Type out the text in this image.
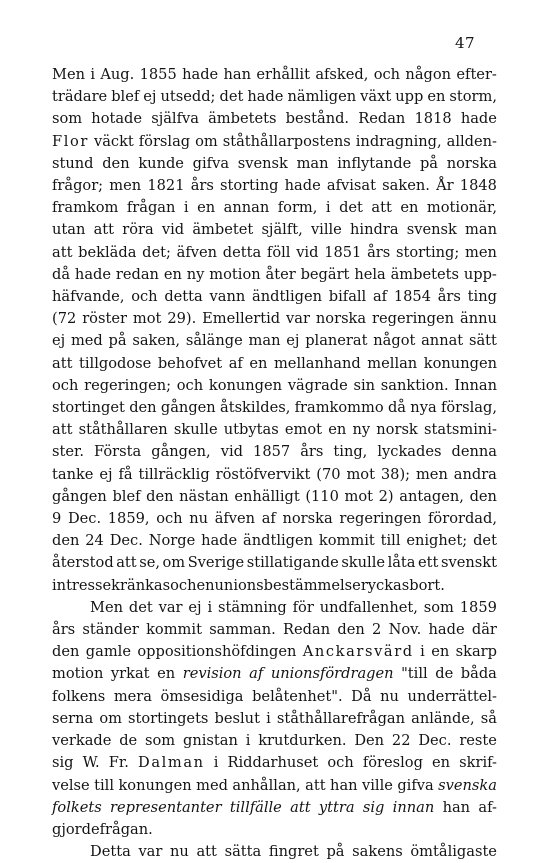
47
Men i Aug. 1855 hade han erhållit afsked, och någon efter-
trädare blef ej utsedd; det hade nämligen växt upp en storm,
som hotade själfva ämbetets bestånd. Redan 1818 hade
Flor väckt förslag om ståthållarpostens indragning, allden-
stund den kunde gifva svensk man inflytande på norska
frågor; men 1821 års storting hade afvisat saken. År 1848
framkom frågan i en annan form, i det att en motionär,
utan att röra vid ämbetet själft, ville hindra svensk man
att bekläda det; äfven detta föll vid 1851 års storting; men
då hade redan en ny motion åter begärt hela ämbetets upp-
häfvande, och detta vann ändtligen bifall af 1854 års ting
(72 röster mot 29). Emellertid var norska regeringen ännu
ej med på saken, sålänge man ej planerat något annat sätt
att tillgodose behofvet af en mellanhand mellan konungen
och regeringen; och konungen vägrade sin sanktion. Innan
stortinget den gången åtskildes, framkommo då nya förslag,
att ståthållaren skulle utbytas emot en ny norsk statsmini-
ster. Första gången, vid 1857 års ting, lyckades denna
tanke ej få tillräcklig röstöfvervikt (70 mot 38); men andra
gången blef den nästan enhälligt (110 mot 2) antagen, den
9 Dec. 1859, och nu äfven af norska regeringen förordad,
den 24 Dec. Norge hade ändtligen kommit till enighet; det
återstod att se, om Sverige stillatigande skulle låta ett svenskt
intresse kränkas och en unionsbestämmelse ryckas bort.
Men det var ej i stämning för undfallenhet, som 1859
års ständer kommit samman. Redan den 2 Nov. hade där
den gamle oppositionshöfdingen Anckarsvärd i en skarp
motion yrkat en revision af unionsfördragen "till de båda
folkens mera ömsesidiga belåtenhet". Då nu underrättel-
serna om stortingets beslut i ståthållarefrågan anlände, så
verkade de som gnistan i krutdurken. Den 22 Dec. reste
sig W. Fr. Dalman i Riddarhuset och föreslog en skrif-
velse till konungen med anhållan, att han ville gifva svenska
folkets representanter tillfälle att yttra sig innan han af-
gjorde frågan.
Detta var nu att sätta fingret på sakens ömtåligaste
